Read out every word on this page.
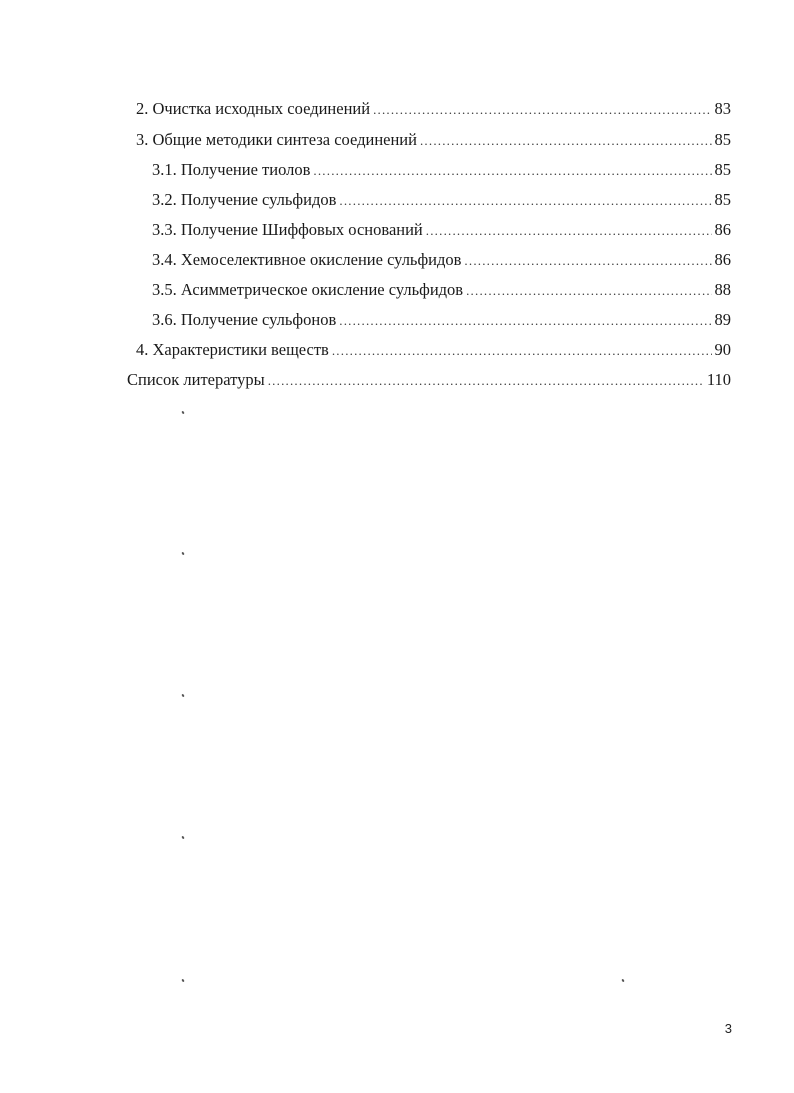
2. Очистка исходных соединений .....	83
3. Общие методики синтеза соединений .....	85
3.1. Получение тиолов .....	85
3.2. Получение сульфидов .....	85
3.3. Получение Шиффовых оснований .....	86
3.4. Хемоселективное окисление сульфидов .....	86
3.5. Асимметрическое окисление сульфидов .....	88
3.6. Получение сульфонов .....	89
4. Характеристики веществ .....	90
Список литературы .....	110
3
